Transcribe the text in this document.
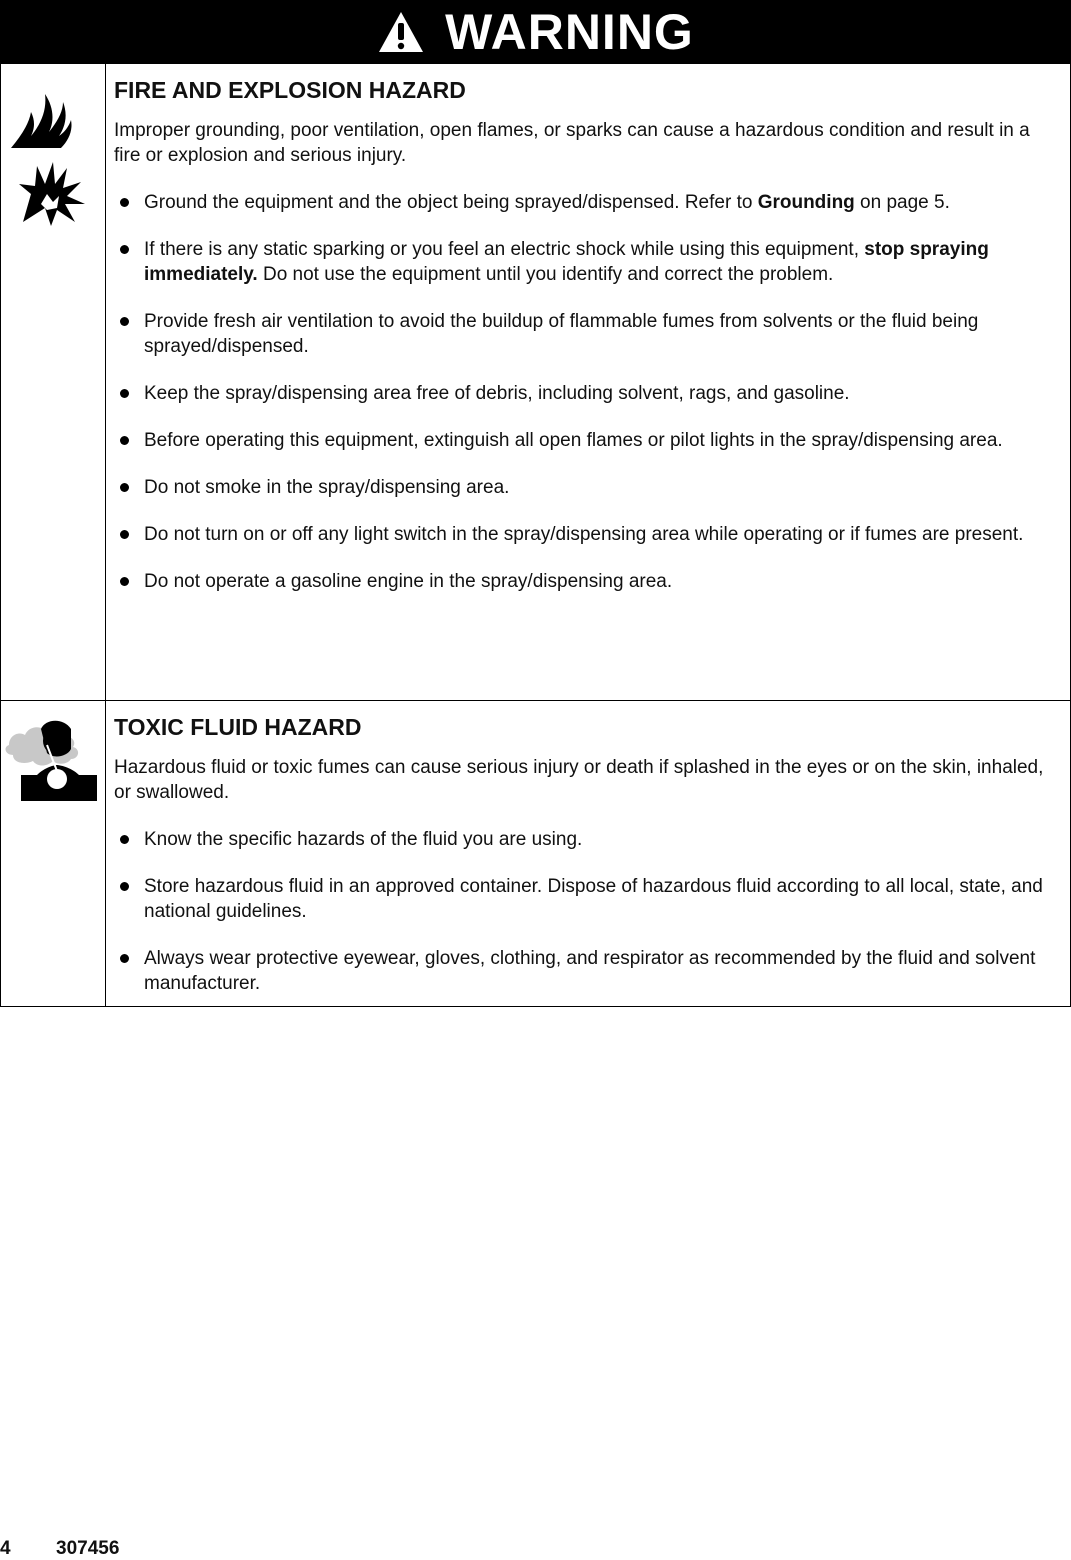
WARNING
FIRE AND EXPLOSION HAZARD

Improper grounding, poor ventilation, open flames, or sparks can cause a hazardous condition and result in a fire or explosion and serious injury.

Ground the equipment and the object being sprayed/dispensed. Refer to Grounding on page 5.
If there is any static sparking or you feel an electric shock while using this equipment, stop spraying immediately. Do not use the equipment until you identify and correct the problem.
Provide fresh air ventilation to avoid the buildup of flammable fumes from solvents or the fluid being sprayed/dispensed.
Keep the spray/dispensing area free of debris, including solvent, rags, and gasoline.
Before operating this equipment, extinguish all open flames or pilot lights in the spray/dispensing area.
Do not smoke in the spray/dispensing area.
Do not turn on or off any light switch in the spray/dispensing area while operating or if fumes are present.
Do not operate a gasoline engine in the spray/dispensing area.
TOXIC FLUID HAZARD

Hazardous fluid or toxic fumes can cause serious injury or death if splashed in the eyes or on the skin, inhaled, or swallowed.

Know the specific hazards of the fluid you are using.
Store hazardous fluid in an approved container. Dispose of hazardous fluid according to all local, state, and national guidelines.
Always wear protective eyewear, gloves, clothing, and respirator as recommended by the fluid and solvent manufacturer.
4 307456
